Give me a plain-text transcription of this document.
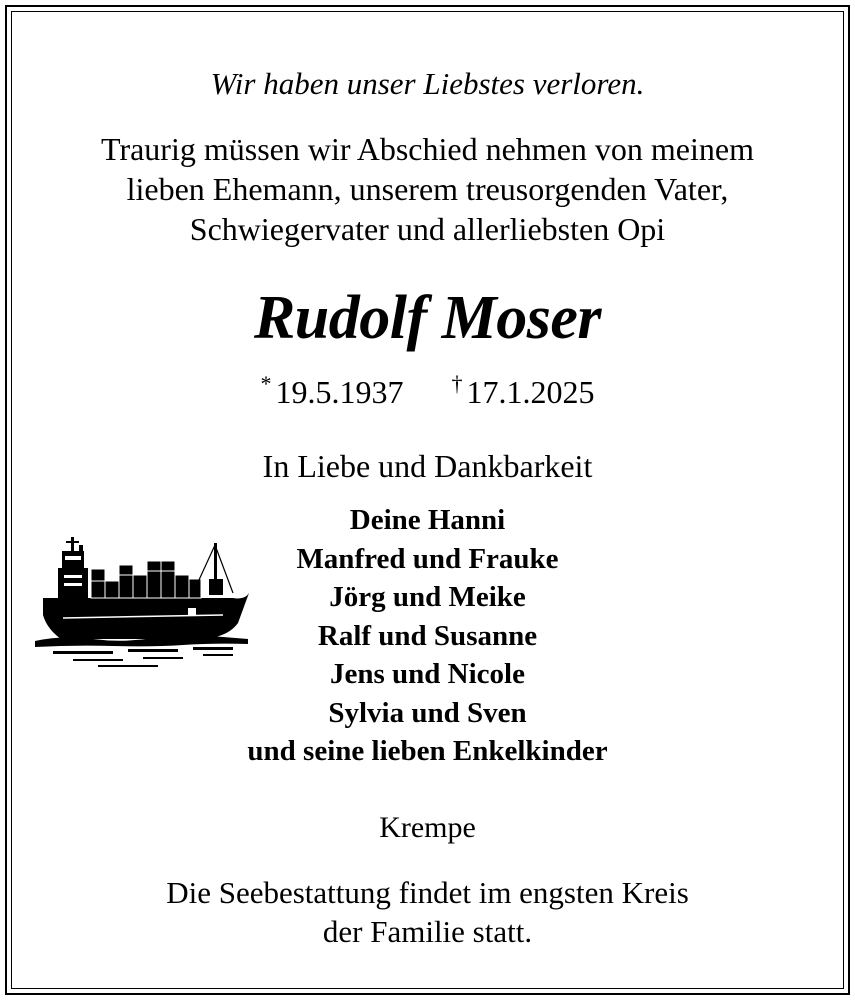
Wir haben unser Liebstes verloren.
Traurig müssen wir Abschied nehmen von meinem
lieben Ehemann, unserem treusorgenden Vater,
Schwiegervater und allerliebsten Opi
Rudolf Moser
* 19.5.1937 † 17.1.2025
In Liebe und Dankbarkeit
Deine Hanni
Manfred und Frauke
Jörg und Meike
Ralf und Susanne
Jens und Nicole
Sylvia und Sven
und seine lieben Enkelkinder
Krempe
Die Seebestattung findet im engsten Kreis
der Familie statt.
